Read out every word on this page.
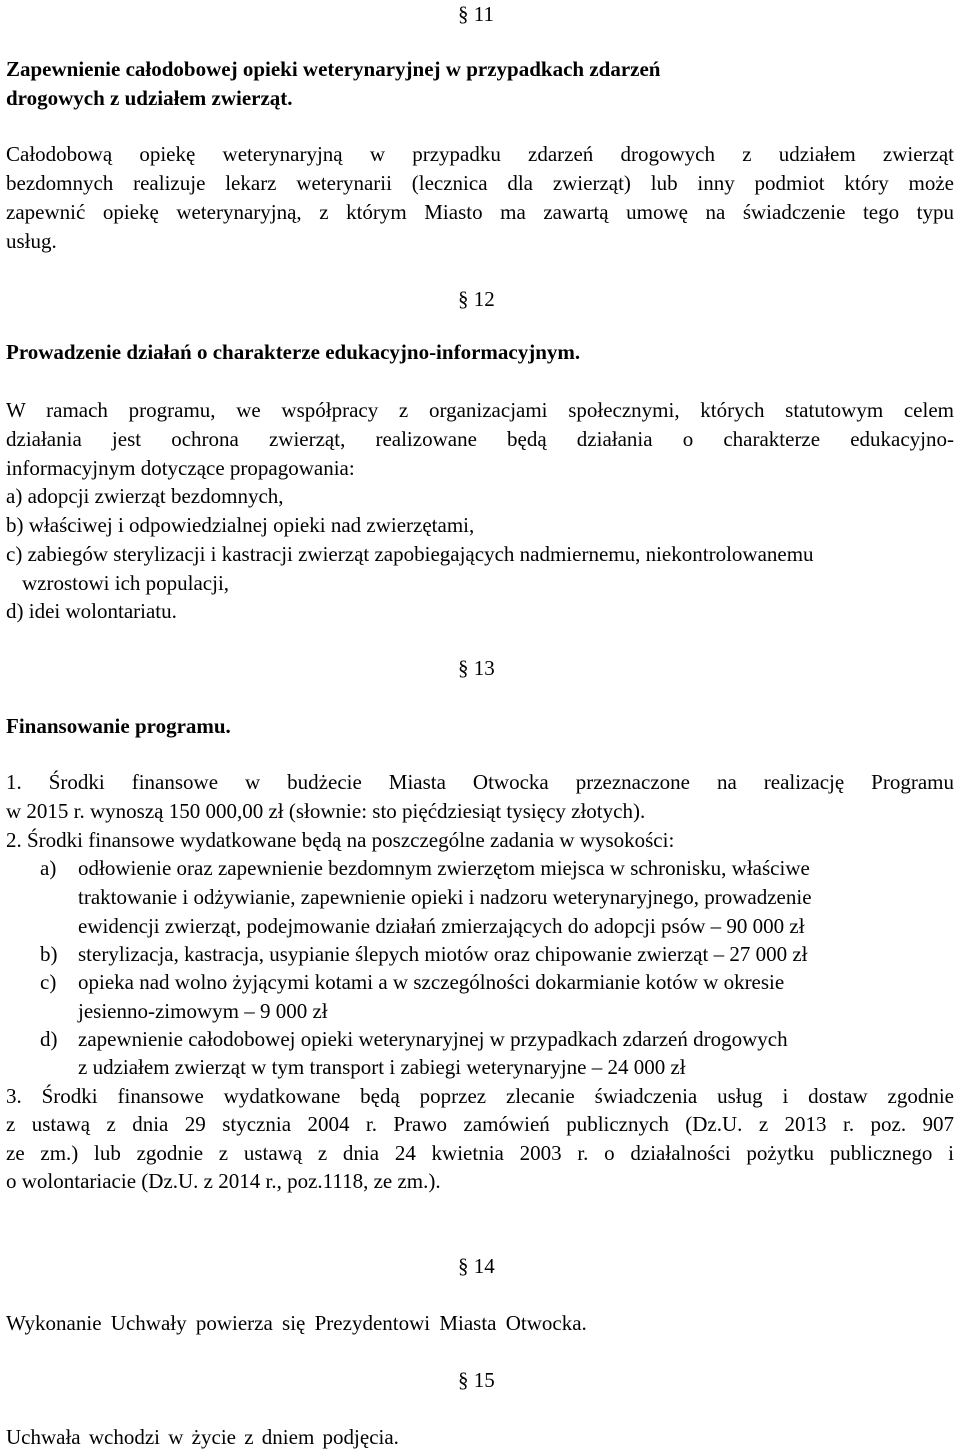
§ 11

Zapewnienie całodobowej opieki weterynaryjnej w przypadkach zdarzeń

drogowych z udziałem zwierząt.

Całodobową opiekę weterynaryjną w przypadku zdarzeń drogowych z udziałem zwierząt

bezdomnych realizuje lekarz weterynarii (lecznica dla zwierząt) lub inny podmiot który może

zapewnić opiekę weterynaryjną, z którym Miasto ma zawartą umowę na świadczenie tego typu

usług.

§ 12

Prowadzenie działań o charakterze edukacyjno-informacyjnym.

W ramach programu, we współpracy z organizacjami społecznymi, których statutowym celem

działania jest ochrona zwierząt, realizowane będą działania o charakterze edukacyjno-

informacyjnym dotyczące propagowania:

a) adopcji zwierząt bezdomnych,

b) właściwej i odpowiedzialnej opieki nad zwierzętami,

c) zabiegów sterylizacji i kastracji zwierząt zapobiegających nadmiernemu, niekontrolowanemu

wzrostowi ich populacji,

d) idei wolontariatu.

§ 13

Finansowanie programu.

1. Środki finansowe w budżecie Miasta Otwocka przeznaczone na realizację Programu

w 2015 r. wynoszą 150 000,00 zł (słownie: sto pięćdziesiąt tysięcy złotych).

2. Środki finansowe wydatkowane będą na poszczególne zadania w wysokości:

a) odłowienie oraz zapewnienie bezdomnym zwierzętom miejsca w schronisku, właściwe
traktowanie i odżywianie, zapewnienie opieki i nadzoru weterynaryjnego, prowadzenie
ewidencji zwierząt, podejmowanie działań zmierzających do adopcji psów – 90 000 zł
b) sterylizacja, kastracja, usypianie ślepych miotów oraz chipowanie zwierząt – 27 000 zł
c) opieka nad wolno żyjącymi kotami a w szczególności dokarmianie kotów w okresie
jesienno-zimowym – 9 000 zł
d) zapewnienie całodobowej opieki weterynaryjnej w przypadkach zdarzeń drogowych
z udziałem zwierząt w tym transport i zabiegi weterynaryjne – 24 000 zł

3. Środki finansowe wydatkowane będą poprzez zlecanie świadczenia usług i dostaw zgodnie

z ustawą z dnia 29 stycznia 2004 r. Prawo zamówień publicznych (Dz.U. z 2013 r. poz. 907

ze zm.) lub zgodnie z ustawą z dnia 24 kwietnia 2003 r. o działalności pożytku publicznego i

o wolontariacie (Dz.U. z 2014 r., poz.1118, ze zm.).

§ 14

Wykonanie Uchwały powierza się Prezydentowi Miasta Otwocka.

§ 15

Uchwała wchodzi w życie z dniem podjęcia.
